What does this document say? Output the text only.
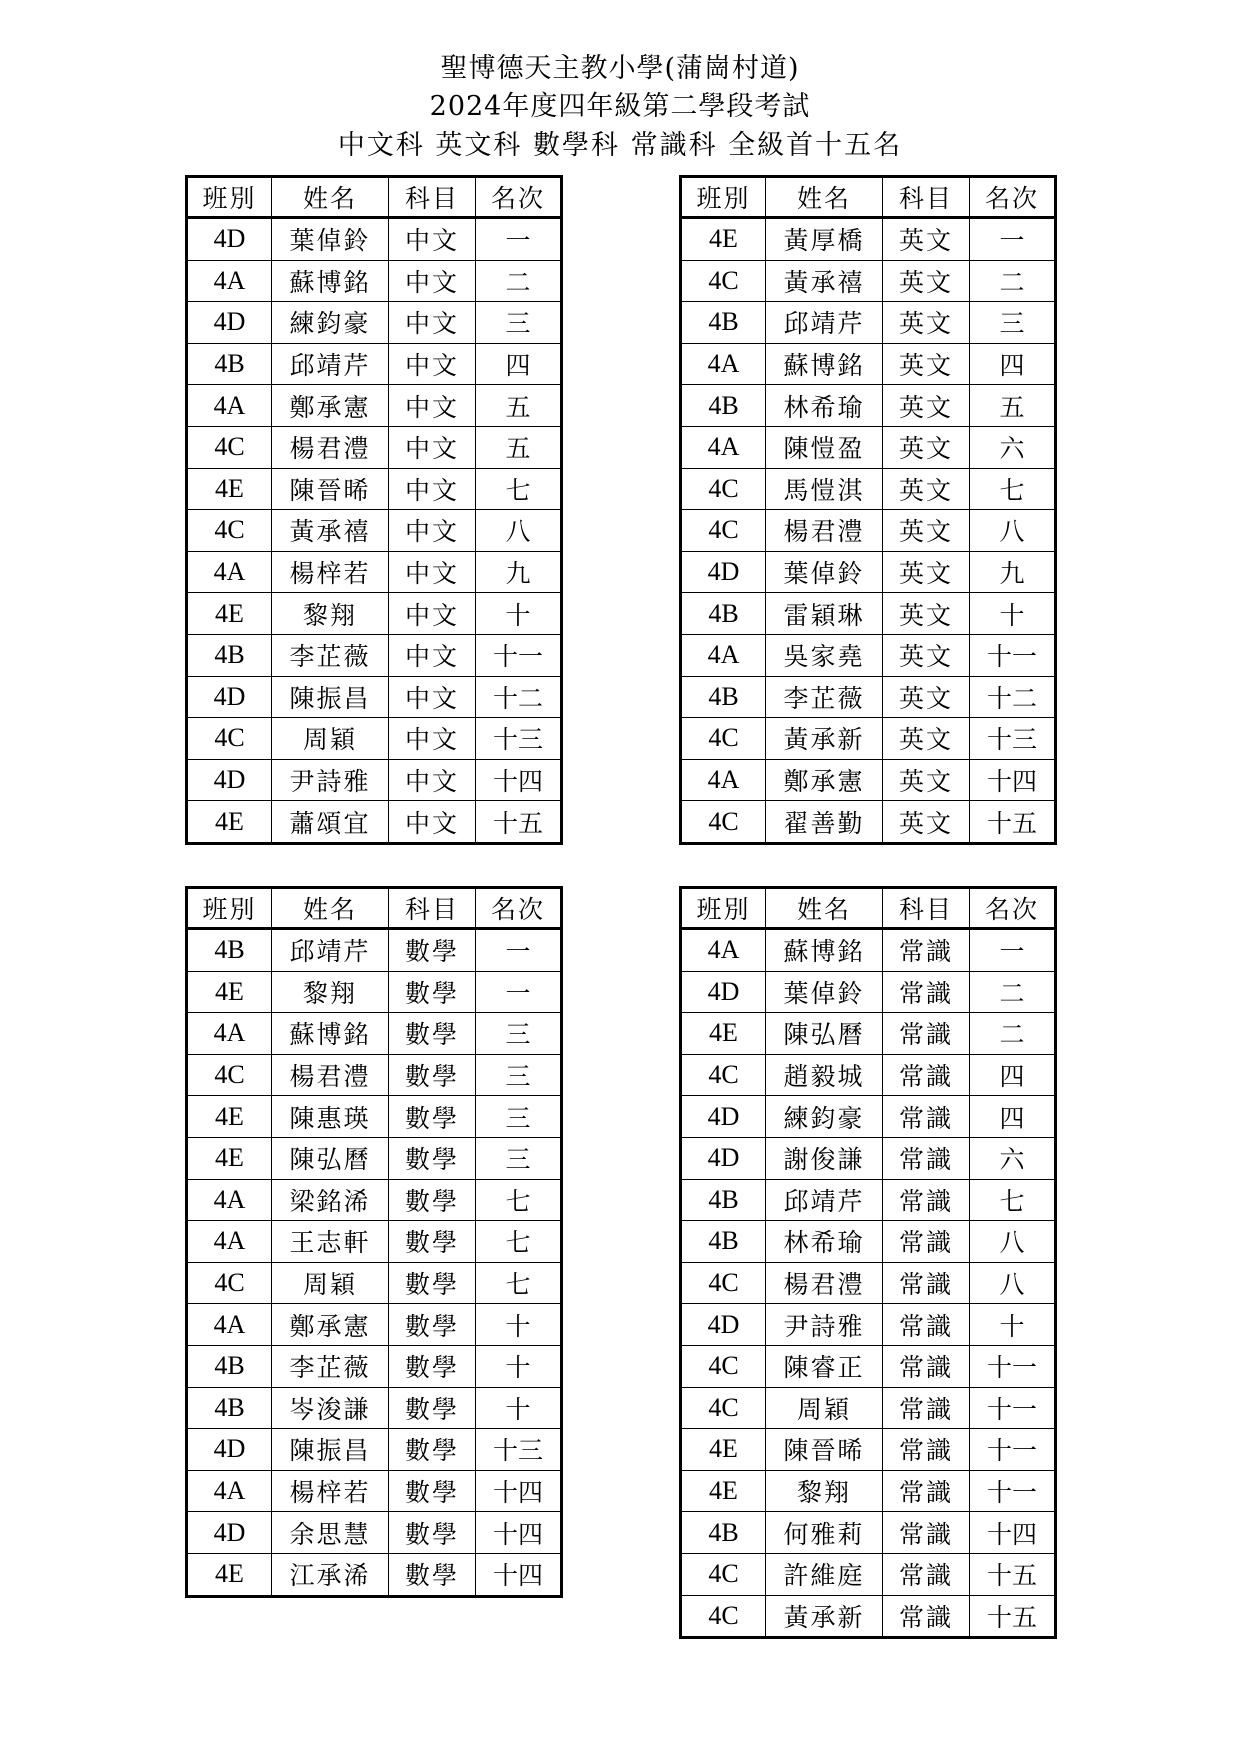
聖博德天主教小學(蒲崗村道)
2024年度四年級第二學段考試
中文科 英文科 數學科 常識科 全級首十五名
班別	姓名	科目	名次
4D	葉倬鈴	中文	一
4A	蘇博銘	中文	二
4D	練鈞豪	中文	三
4B	邱靖芹	中文	四
4A	鄭承憲	中文	五
4C	楊君澧	中文	五
4E	陳晉晞	中文	七
4C	黃承禧	中文	八
4A	楊梓若	中文	九
4E	黎翔	中文	十
4B	李芷薇	中文	十一
4D	陳振昌	中文	十二
4C	周穎	中文	十三
4D	尹詩雅	中文	十四
4E	蕭頌宜	中文	十五
班別	姓名	科目	名次
4E	黃厚橋	英文	一
4C	黃承禧	英文	二
4B	邱靖芹	英文	三
4A	蘇博銘	英文	四
4B	林希瑜	英文	五
4A	陳愷盈	英文	六
4C	馬愷淇	英文	七
4C	楊君澧	英文	八
4D	葉倬鈴	英文	九
4B	雷穎琳	英文	十
4A	吳家堯	英文	十一
4B	李芷薇	英文	十二
4C	黃承新	英文	十三
4A	鄭承憲	英文	十四
4C	翟善勤	英文	十五
班別	姓名	科目	名次
4B	邱靖芹	數學	一
4E	黎翔	數學	一
4A	蘇博銘	數學	三
4C	楊君澧	數學	三
4E	陳惠瑛	數學	三
4E	陳弘曆	數學	三
4A	梁銘浠	數學	七
4A	王志軒	數學	七
4C	周穎	數學	七
4A	鄭承憲	數學	十
4B	李芷薇	數學	十
4B	岑浚謙	數學	十
4D	陳振昌	數學	十三
4A	楊梓若	數學	十四
4D	余思慧	數學	十四
4E	江承浠	數學	十四
班別	姓名	科目	名次
4A	蘇博銘	常識	一
4D	葉倬鈴	常識	二
4E	陳弘曆	常識	二
4C	趙毅城	常識	四
4D	練鈞豪	常識	四
4D	謝俊謙	常識	六
4B	邱靖芹	常識	七
4B	林希瑜	常識	八
4C	楊君澧	常識	八
4D	尹詩雅	常識	十
4C	陳睿正	常識	十一
4C	周穎	常識	十一
4E	陳晉晞	常識	十一
4E	黎翔	常識	十一
4B	何雅莉	常識	十四
4C	許維庭	常識	十五
4C	黃承新	常識	十五
